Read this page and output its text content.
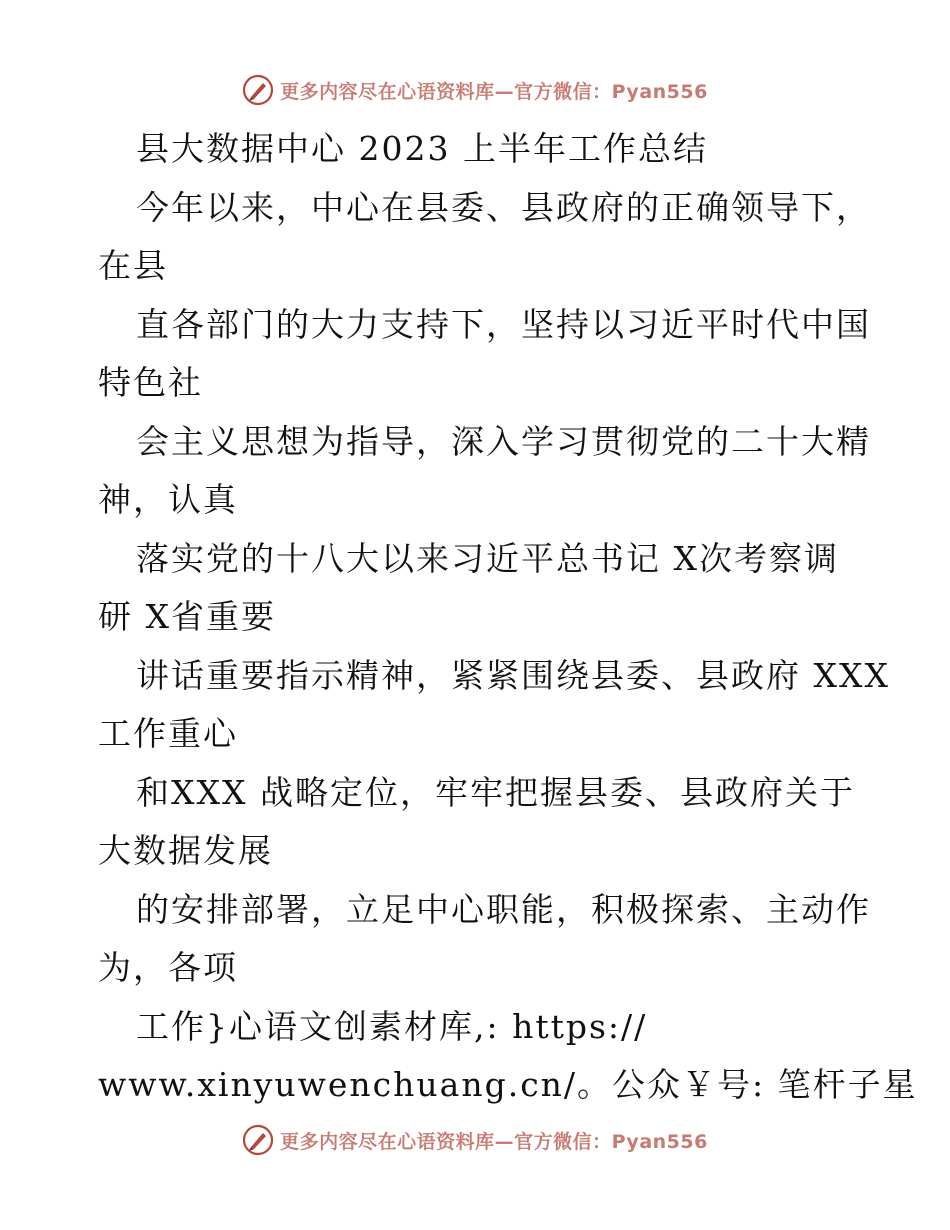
更多内容尽在心语资料库—官方微信：Pyan556
县大数据中心 2023 上半年工作总结
今年以来，中心在县委、县政府的正确领导下，
在县
直各部门的大力支持下，坚持以习近平时代中国
特色社
会主义思想为指导，深入学习贯彻党的二十大精
神，认真
落实党的十八大以来习近平总书记 X次考察调
研 X省重要
讲话重要指示精神，紧紧围绕县委、县政府 XXX
工作重心
和XXX 战略定位，牢牢把握县委、县政府关于
大数据发展
的安排部署，立足中心职能，积极探索、主动作
为，各项
工作}心语文创素材库,: https://
www.xinyuwenchuang.cn/。公众￥号: 笔杆子星
更多内容尽在心语资料库—官方微信：Pyan556
